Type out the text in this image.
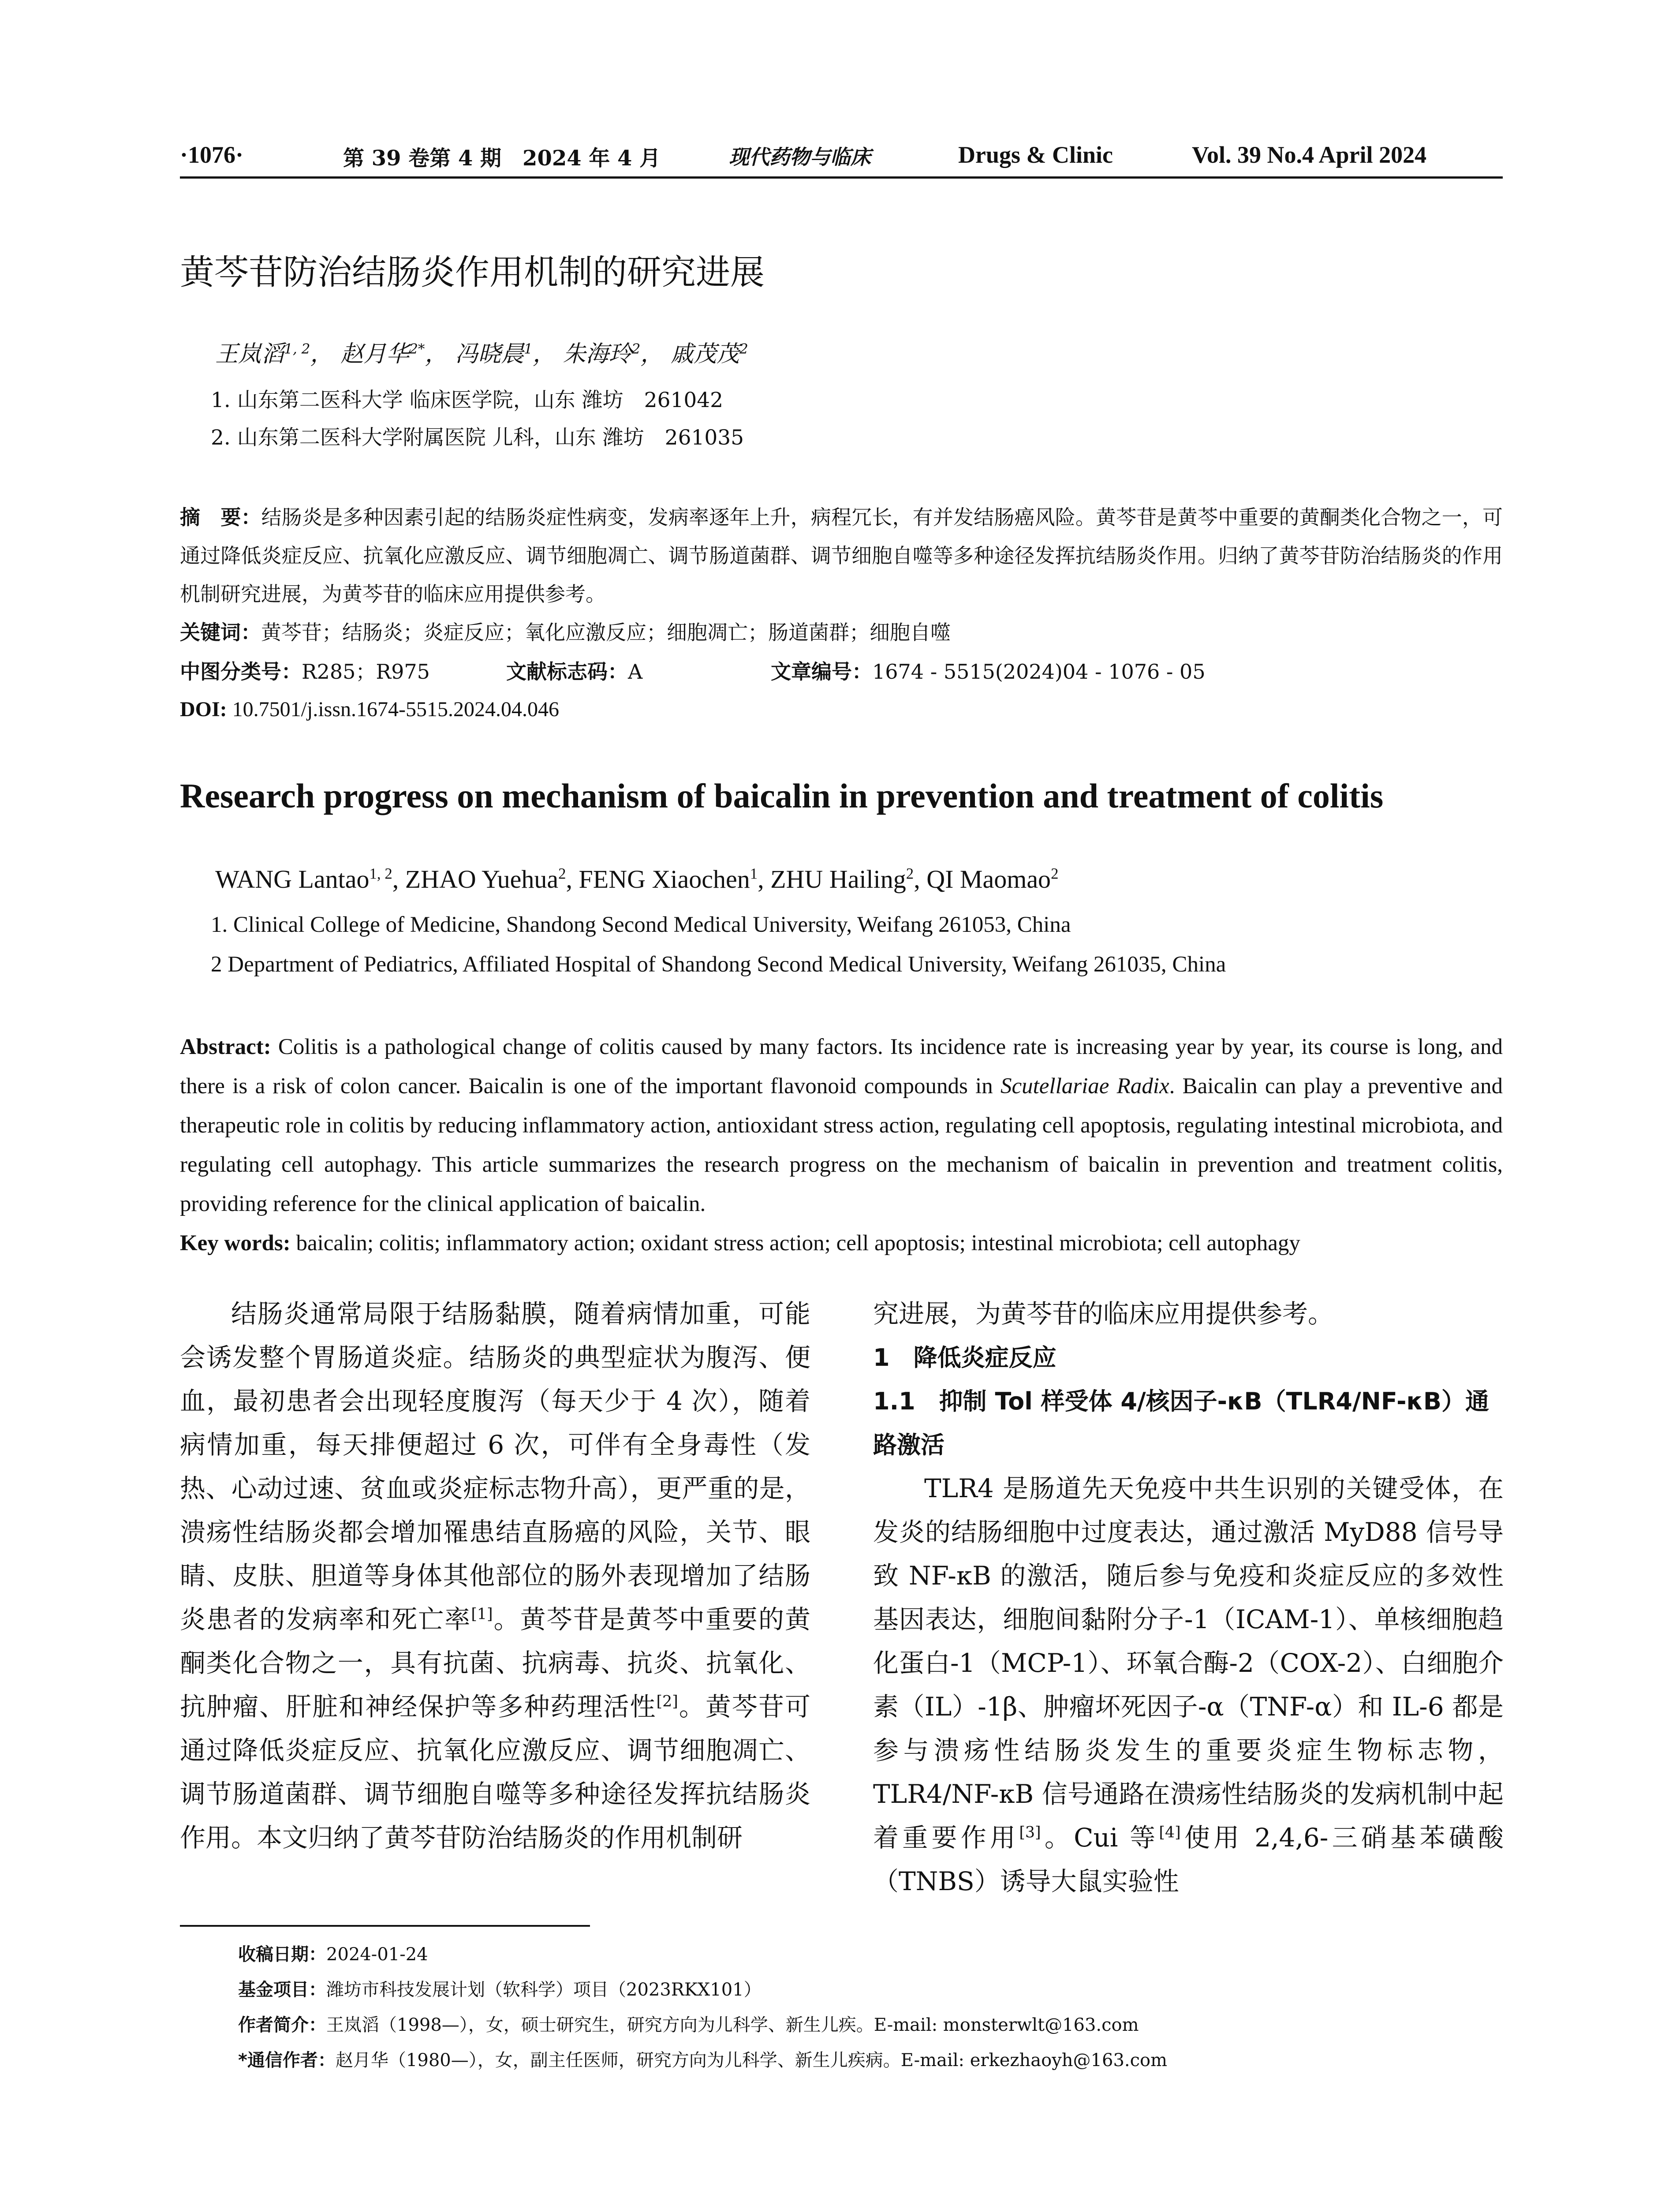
·1076·	第 39 卷第 4 期　2024 年 4 月	现代药物与临床	Drugs & Clinic	Vol. 39 No.4 April 2024
黄芩苷防治结肠炎作用机制的研究进展
王岚滔$^{1, 2}$， 赵月华$^{2*}$， 冯晓晨$^1$， 朱海玲$^2$， 戚茂茂$^2$
1. 山东第二医科大学 临床医学院，山东 潍坊　261042
2. 山东第二医科大学附属医院 儿科，山东 潍坊　261035
摘　要：结肠炎是多种因素引起的结肠炎症性病变，发病率逐年上升，病程冗长，有并发结肠癌风险。黄芩苷是黄芩中重要的黄酮类化合物之一，可通过降低炎症反应、抗氧化应激反应、调节细胞凋亡、调节肠道菌群、调节细胞自噬等多种途径发挥抗结肠炎作用。归纳了黄芩苷防治结肠炎的作用机制研究进展，为黄芩苷的临床应用提供参考。
关键词：黄芩苷；结肠炎；炎症反应；氧化应激反应；细胞凋亡；肠道菌群；细胞自噬
中图分类号： R285；R975	文献标志码： A	文章编号： 1674 - 5515(2024)04 - 1076 - 05
DOI: 10.7501/j.issn.1674-5515.2024.04.046
Research progress on mechanism of baicalin in prevention and treatment of colitis
WANG Lantao$^{1, 2}$, ZHAO Yuehua$^2$, FENG Xiaochen$^1$, ZHU Hailing$^2$, QI Maomao$^2$
1. Clinical College of Medicine, Shandong Second Medical University, Weifang 261053, China
2 Department of Pediatrics, Affiliated Hospital of Shandong Second Medical University, Weifang 261035, China
Abstract: Colitis is a pathological change of colitis caused by many factors. Its incidence rate is increasing year by year, its course is long, and there is a risk of colon cancer. Baicalin is one of the important flavonoid compounds in Scutellariae Radix. Baicalin can play a preventive and therapeutic role in colitis by reducing inflammatory action, antioxidant stress action, regulating cell apoptosis, regulating intestinal microbiota, and regulating cell autophagy. This article summarizes the research progress on the mechanism of baicalin in prevention and treatment colitis, providing reference for the clinical application of baicalin.
Key words: baicalin; colitis; inflammatory action; oxidant stress action; cell apoptosis; intestinal microbiota; cell autophagy

结肠炎通常局限于结肠黏膜，随着病情加重，可能会诱发整个胃肠道炎症。结肠炎的典型症状为腹泻、便血，最初患者会出现轻度腹泻（每天少于 4 次），随着病情加重，每天排便超过 6 次，可伴有全身毒性（发热、心动过速、贫血或炎症标志物升高），更严重的是，溃疡性结肠炎都会增加罹患结直肠癌的风险，关节、眼睛、皮肤、胆道等身体其他部位的肠外表现增加了结肠炎患者的发病率和死亡率[1]。黄芩苷是黄芩中重要的黄酮类化合物之一，具有抗菌、抗病毒、抗炎、抗氧化、抗肿瘤、肝脏和神经保护等多种药理活性[2]。黄芩苷可通过降低炎症反应、抗氧化应激反应、调节细胞凋亡、调节肠道菌群、调节细胞自噬等多种途径发挥抗结肠炎作用。本文归纳了黄芩苷防治结肠炎的作用机制研

究进展，为黄芩苷的临床应用提供参考。

1　降低炎症反应
1.1　抑制 Tol 样受体 4/核因子-κB（TLR4/NF-κB）通路激活

TLR4 是肠道先天免疫中共生识别的关键受体，在发炎的结肠细胞中过度表达，通过激活 MyD88 信号导致 NF-κB 的激活，随后参与免疫和炎症反应的多效性基因表达，细胞间黏附分子-1（ICAM-1）、单核细胞趋化蛋白-1（MCP-1）、环氧合酶-2（COX-2）、白细胞介素（IL）-1β、肿瘤坏死因子-α（TNF-α）和 IL-6 都是参与溃疡性结肠炎发生的重要炎症生物标志物，TLR4/NF-κB 信号通路在溃疡性结肠炎的发病机制中起着重要作用[3]。Cui 等[4]使用 2,4,6-三硝基苯磺酸（TNBS）诱导大鼠实验性

收稿日期：2024-01-24
基金项目：潍坊市科技发展计划（软科学）项目（2023RKX101）
作者简介：王岚滔（1998—），女，硕士研究生，研究方向为儿科学、新生儿疾。E-mail: monsterwlt@163.com
*通信作者：赵月华（1980—），女，副主任医师，研究方向为儿科学、新生儿疾病。E-mail: erkezhaoyh@163.com
